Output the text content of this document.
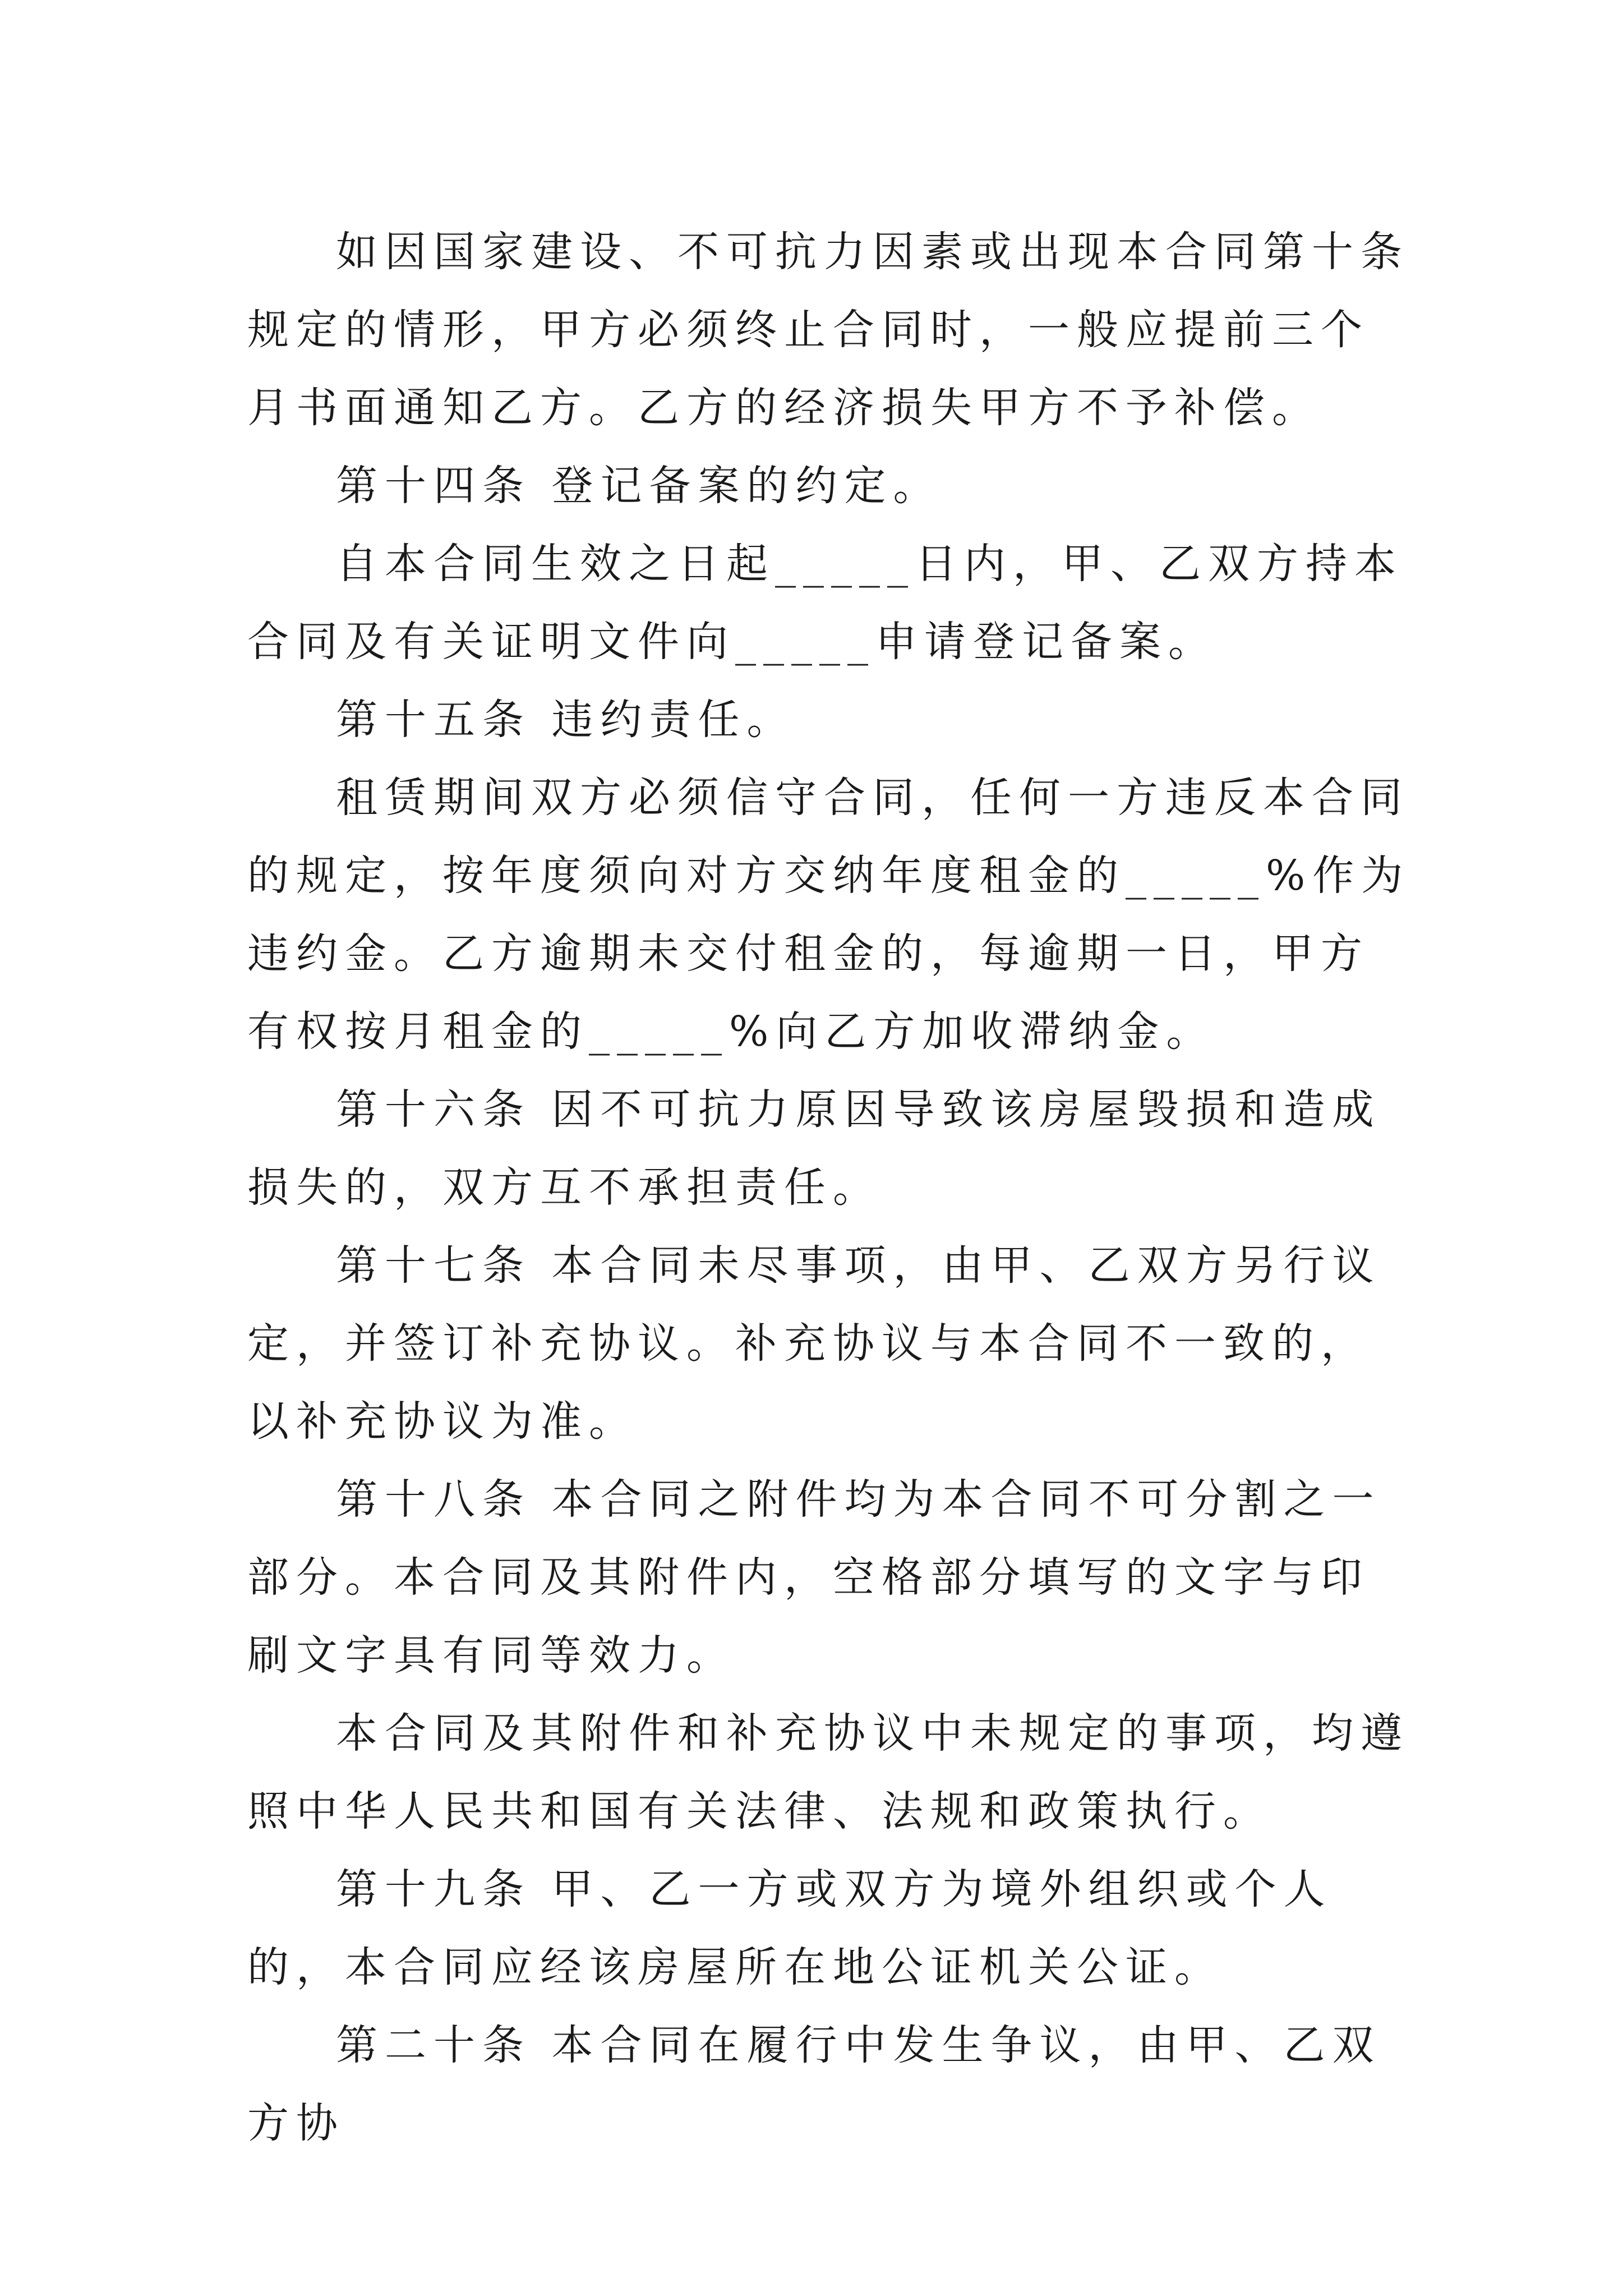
如因国家建设、不可抗力因素或出现本合同第十条规定的情形，甲方必须终止合同时，一般应提前三个月书面通知乙方。乙方的经济损失甲方不予补偿。

第十四条 登记备案的约定。

自本合同生效之日起_____日内，甲、乙双方持本合同及有关证明文件向_____申请登记备案。

第十五条 违约责任。

租赁期间双方必须信守合同，任何一方违反本合同的规定，按年度须向对方交纳年度租金的_____%作为违约金。乙方逾期未交付租金的，每逾期一日，甲方有权按月租金的_____%向乙方加收滞纳金。

第十六条 因不可抗力原因导致该房屋毁损和造成损失的，双方互不承担责任。

第十七条 本合同未尽事项，由甲、乙双方另行议定，并签订补充协议。补充协议与本合同不一致的，以补充协议为准。

第十八条 本合同之附件均为本合同不可分割之一部分。本合同及其附件内，空格部分填写的文字与印刷文字具有同等效力。

本合同及其附件和补充协议中未规定的事项，均遵照中华人民共和国有关法律、法规和政策执行。

第十九条 甲、乙一方或双方为境外组织或个人的，本合同应经该房屋所在地公证机关公证。

第二十条 本合同在履行中发生争议，由甲、乙双方协
